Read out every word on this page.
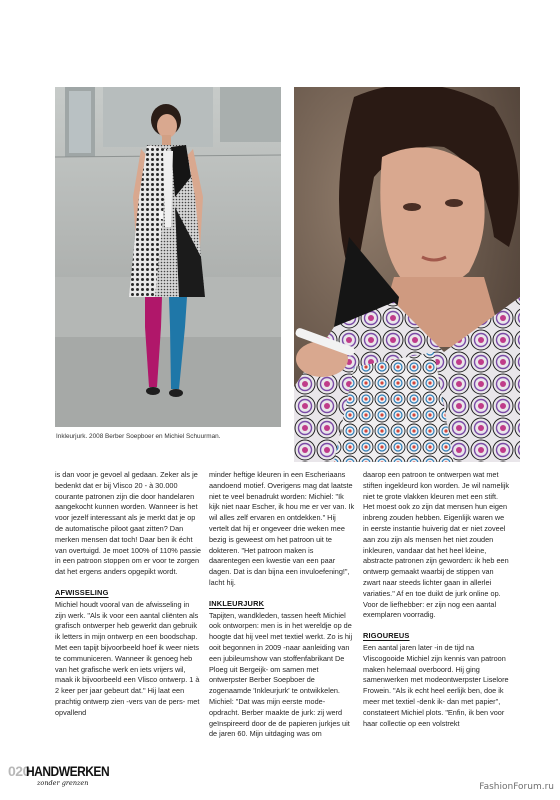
Inkleurjurk. 2008 Berber Soepboer en Michiel Schuurman.

is dan voor je gevoel al gedaan. Zeker als je bedenkt dat er bij Vlisco 20 - à 30.000 courante patronen zijn die door handelaren aangekocht kunnen worden. Wanneer is het voor jezelf interessant als je merkt dat je op de automatische piloot gaat zitten? Dan merken mensen dat toch! Daar ben ik écht van overtuigd. Je moet 100% of 110% passie in een patroon stoppen om er voor te zorgen dat het ergens anders opgepikt wordt.

AFWISSELING

Michiel houdt vooral van de afwisseling in zijn werk. "Als ik voor een aantal cliënten als grafisch ontwerper heb gewerkt dan gebruik ik letters in mijn ontwerp en een boodschap. Met een tapijt bijvoorbeeld hoef ik weer niets te communiceren. Wanneer ik genoeg heb van het grafische werk en iets vrijers wil, maak ik bijvoorbeeld een Vlisco ontwerp. 1 à 2 keer per jaar gebeurt dat." Hij laat een prachtig ontwerp zien -vers van de pers- met opvallend

minder heftige kleuren in een Escheriaans aandoend motief. Overigens mag dat laatste niet te veel benadrukt worden: Michiel: "Ik kijk niet naar Escher, ik hou me er ver van. Ik wil alles zelf ervaren en ontdekken." Hij vertelt dat hij er ongeveer drie weken mee bezig is geweest om het patroon uit te dokteren. "Het patroon maken is daarentegen een kwestie van een paar dagen. Dat is dan bijna een invuloefening!", lacht hij.

INKLEURJURK

Tapijten, wandkleden, tassen heeft Michiel ook ontworpen: men is in het wereldje op de hoogte dat hij veel met textiel werkt. Zo is hij ooit begonnen in 2009 -naar aanleiding van een jubileumshow van stoffenfabrikant De Ploeg uit Bergeijk- om samen met ontwerpster Berber Soepboer de zogenaamde 'Inkleurjurk' te ontwikkelen. Michiel: "Dat was mijn eerste mode-opdracht. Berber maakte de jurk: zij werd geïnspireerd door de de papieren jurkjes uit de jaren 60. Mijn uitdaging was om

daarop een patroon te ontwerpen wat met stiften ingekleurd kon worden. Je wil namelijk niet te grote vlakken kleuren met een stift. Het moest ook zo zijn dat mensen hun eigen inbreng zouden hebben. Eigenlijk waren we in eerste instantie huiverig dat er niet zoveel aan zou zijn als mensen het niet zouden inkleuren, vandaar dat het heel kleine, abstracte patronen zijn geworden: ik heb een ontwerp gemaakt waarbij de stippen van zwart naar steeds lichter gaan in allerlei variaties." Af en toe duikt de jurk online op. Voor de liefhebber: er zijn nog een aantal exemplaren voorradig.

RIGOUREUS

Een aantal jaren later -in de tijd na Vliscogooide Michiel zijn kennis van patroon maken helemaal overboord. Hij ging samenwerken met modeontwerpster Liselore Frowein. "Als ik echt heel eerlijk ben, doe ik meer met textiel -denk ik- dan met papier", constateert Michiel plots. "Enfin, ik ben voor haar collectie op een volstrekt

020
HANDWERKEN
zonder grenzen	FashionForum.ru
